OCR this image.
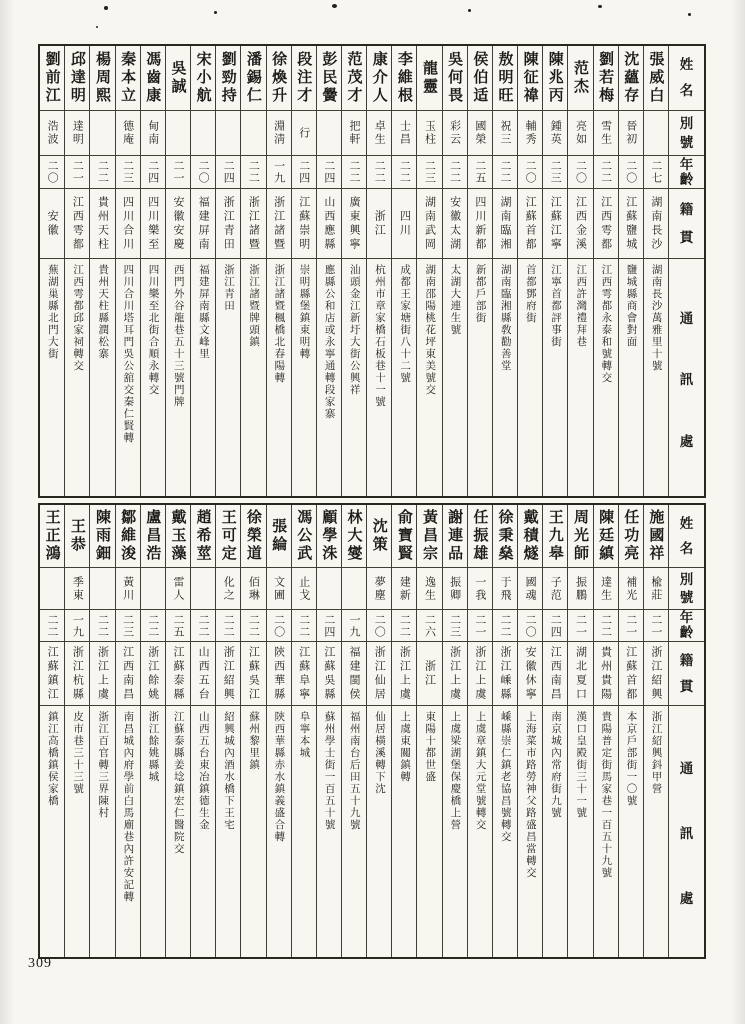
姓
名
別
號
年
齡
籍
貫
通
訊
處
張威白
二七
湖南長沙
湖南長沙萬雅里十號
沈蘊存
晉初
二〇
江蘇鹽城
鹽城縣商會對面
劉若梅
雪生
二二
江西雩都
江西雩都永泰和號轉交
范杰
亮如
二〇
江西金溪
江西許灣禮拜巷
陳兆丙
鍾英
二三
江蘇江寧
江寧首都評事街
陳征禕
輔秀
二〇
江蘇首都
首都鄧府街
敖明旺
祝三
二二
湖南臨湘
湖南臨湘縣敎勸善堂
侯伯适
國榮
二五
四川新都
新都戶部街
吳何畏
彩云
二二
安徽太湖
太湖大連生號
龍靈
玉柱
二三
湖南武岡
湖南邵陽桃花坪東美號交
李維根
士昌
二二
四川
成都王家塘街八十二號
康介人
卓生
二二
浙江
杭州市章家橋石板巷十一號
范茂才
把軒
二二
廣東興寧
汕頭金江新圩大街公興祥
彭民黌
二四
山西應縣
應縣公和店或永寧通轉段家寨
段注才
行
二四
江蘇崇明
崇明縣堡鎮東明轉
徐煥升
淵淸
一九
浙江諸暨
浙江諸暨楓橋北春陽轉
潘錫仁
二二
浙江諸暨
浙江諸暨牌頭鎮
劉勁持
二四
浙江青田
浙江青田
宋小航
二〇
福建屏南
福建屏南縣文峰里
吳誠
二一
安徽安慶
西門外谷龍巷五十三號門牌
馮齒康
甸南
二四
四川樂至
四川樂至北街合順永轉交
秦本立
德庵
二三
四川合川
四川合川塔耳門吳公舘交秦仁賢轉
楊周熙
二二
貴州天柱
貴州天柱縣潤松寨
邱達明
達明
二一
江西雩都
江西雩都邱家祠轉交
劉前江
浩波
二〇
安徽
蕪湖巢縣北門大街
姓
名
別
號
年
齡
籍
貫
通
訊
處
施國祥
楡莊
二一
浙江紹興
浙江紹興鈄甲營
任功亮
補光
二一
江蘇首都
本京戶部街一〇號
陳廷縝
達生
二二
貴州貴陽
貴陽普定街馬家巷一百五十九號
周光師
振鵬
二一
湖北夏口
漢口皇殿街三十一號
王九皋
子范
二四
江西南昌
南京城內常府街九號
戴積燧
國魂
二〇
安徽休寧
上海菜市路勞神父路盛昌當轉交
徐秉燊
于飛
二二
浙江嵊縣
嵊縣崇仁鎮老協昌號轉交
任振雄
一我
二一
浙江上虞
上虞章鎮大元堂號轉交
謝連品
振卿
二三
浙江上虞
上虞梁湖堡保慶橋上營
黃昌宗
逸生
二六
浙江
東陽十都世盛
俞寶賢
建新
二二
浙江上虞
上虞東關鎮轉
沈策
夢塵
二〇
浙江仙居
仙居橫溪轉下沈
林大燮
一九
福建閩侯
福州南台后田五十九號
顧學洙
二四
江蘇吳縣
蘇州學士街一百五十號
馮公武
止戈
二二
江蘇阜寧
阜寧本城
張綸
文圃
二〇
陝西華縣
陝西華縣赤水鎮義盛合轉
徐榮道
佰琳
二二
江蘇吳江
蘇州黎里鎮
王可定
化之
二二
浙江紹興
紹興城內酒水橋下王宅
趙希莖
二二
山西五台
山西五台東冶鎮德生金
戴玉藻
雷人
二五
江蘇泰縣
江蘇泰縣姜埝鎮宏仁醫院交
盧昌浩
二二
浙江餘姚
浙江餘姚縣城
鄒維浚
黃川
二三
江西南昌
南昌城內府學前白馬廟巷內許安記轉
陳雨鈿
二二
浙江上虞
浙江百官轉三界陳村
王恭
季東
一九
浙江杭縣
皮市巷三十三號
王正鴻
二二
江蘇鎮江
鎮江高橋鎮侯家橋
309
